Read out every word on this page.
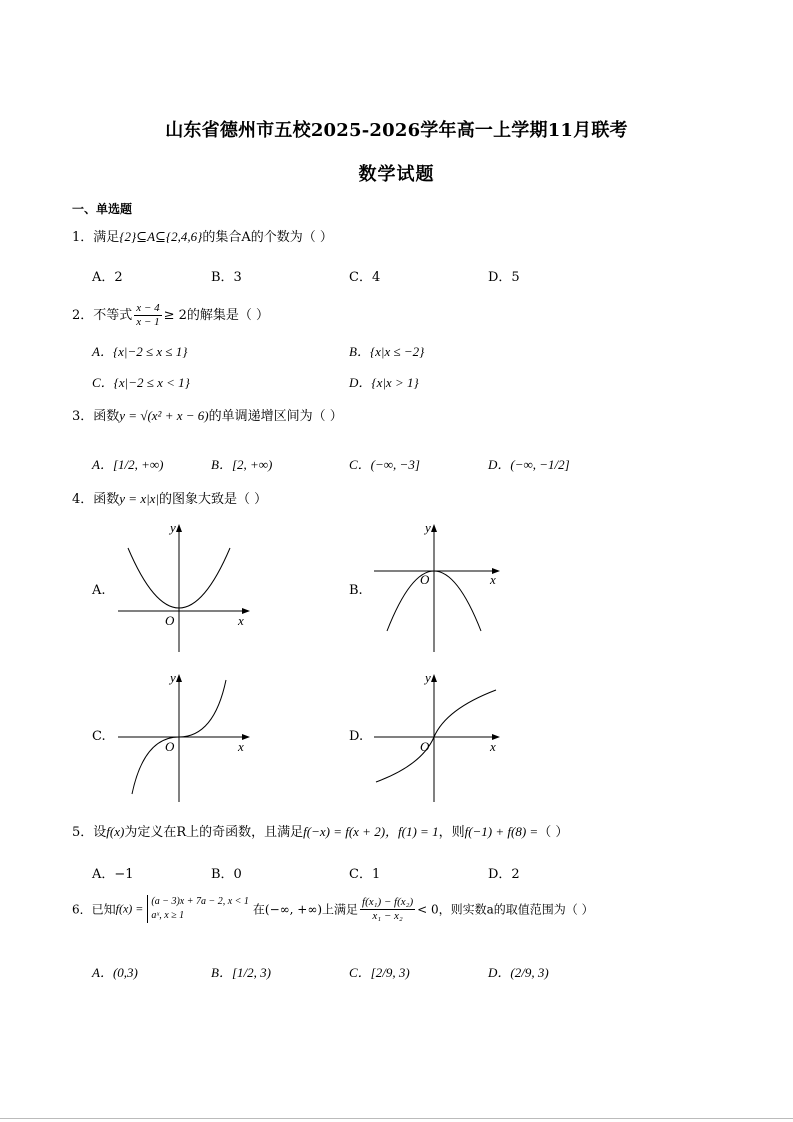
山东省德州市五校2025-2026学年高一上学期11月联考
数学试题
一、单选题
1．满足{2}⊆A⊆{2,4,6}的集合A的个数为（ ）
A．2	B．3	C．4	D．5
2．不等式 $\frac{x - 4}{x - 1} \ge 2$的解集是（ ）
A．{x|−2 ≤ x ≤ 1}	B．{x|x ≤ −2}
C．{x|−2 ≤ x < 1}	D．{x|x > 1}
3．函数y = √(x² + x − 6)的单调递增区间为（ ）
A．[1/2, +∞)	B．[2, +∞)	C．(−∞, −3]	D．(−∞, −1/2]
4．函数y = x|x|的图象大致是（ ）
A.
x
y
O
B.
x
y
O
C.
x
y
O
D.
x
y
O
5．设f(x)为定义在R上的奇函数，且满足f(−x) = f(x + 2)，f(1) = 1，则f(−1) + f(8) =（ ）
A．−1	B．0	C．1	D．2
6．已知f(x) = (a − 3)x + 7a − 2, x < 1
aˣ, x ≥ 1	在(−∞, +∞)上满足 $\frac{\text{f(x₁) − f(x₂)}}{\text{x₁ − x₂}} < 0$，则实数a的取值范围为（ ）
A．(0,3)	B．[1/2, 3)	C．[2/9, 3)	D．(2/9, 3)
